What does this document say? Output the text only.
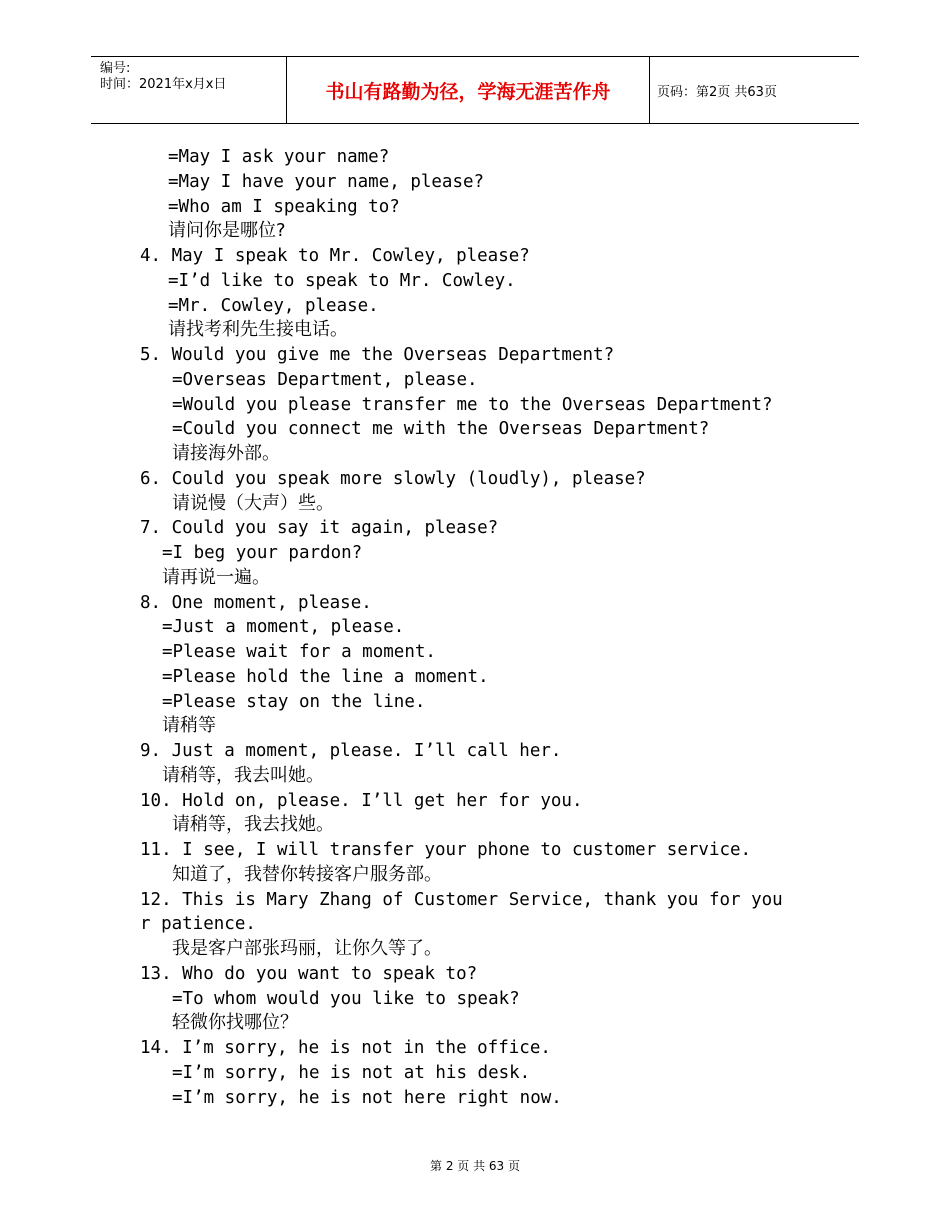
编号:
时间：2021年x月x日	书山有路勤为径，学海无涯苦作舟	页码：第2页 共63页
=May I ask your name?
=May I have your name, please?
=Who am I speaking to?
请问你是哪位?
4. May I speak to Mr. Cowley, please?
=I’d like to speak to Mr. Cowley.
=Mr. Cowley, please.
请找考利先生接电话。
5. Would you give me the Overseas Department?
=Overseas Department, please.
=Would you please transfer me to the Overseas Department?
=Could you connect me with the Overseas Department?
请接海外部。
6. Could you speak more slowly (loudly), please?
请说慢（大声）些。
7. Could you say it again, please?
=I beg your pardon?
请再说一遍。
8. One moment, please.
=Just a moment, please.
=Please wait for a moment.
=Please hold the line a moment.
=Please stay on the line.
请稍等
9. Just a moment, please. I’ll call her.
请稍等，我去叫她。
10. Hold on, please. I’ll get her for you.
请稍等，我去找她。
11. I see, I will transfer your phone to customer service.
知道了，我替你转接客户服务部。
12. This is Mary Zhang of Customer Service, thank you for you
r patience.
我是客户部张玛丽，让你久等了。
13. Who do you want to speak to?
=To whom would you like to speak?
轻微你找哪位？
14. I’m sorry, he is not in the office.
=I’m sorry, he is not at his desk.
=I’m sorry, he is not here right now.
第 2 页 共 63 页
